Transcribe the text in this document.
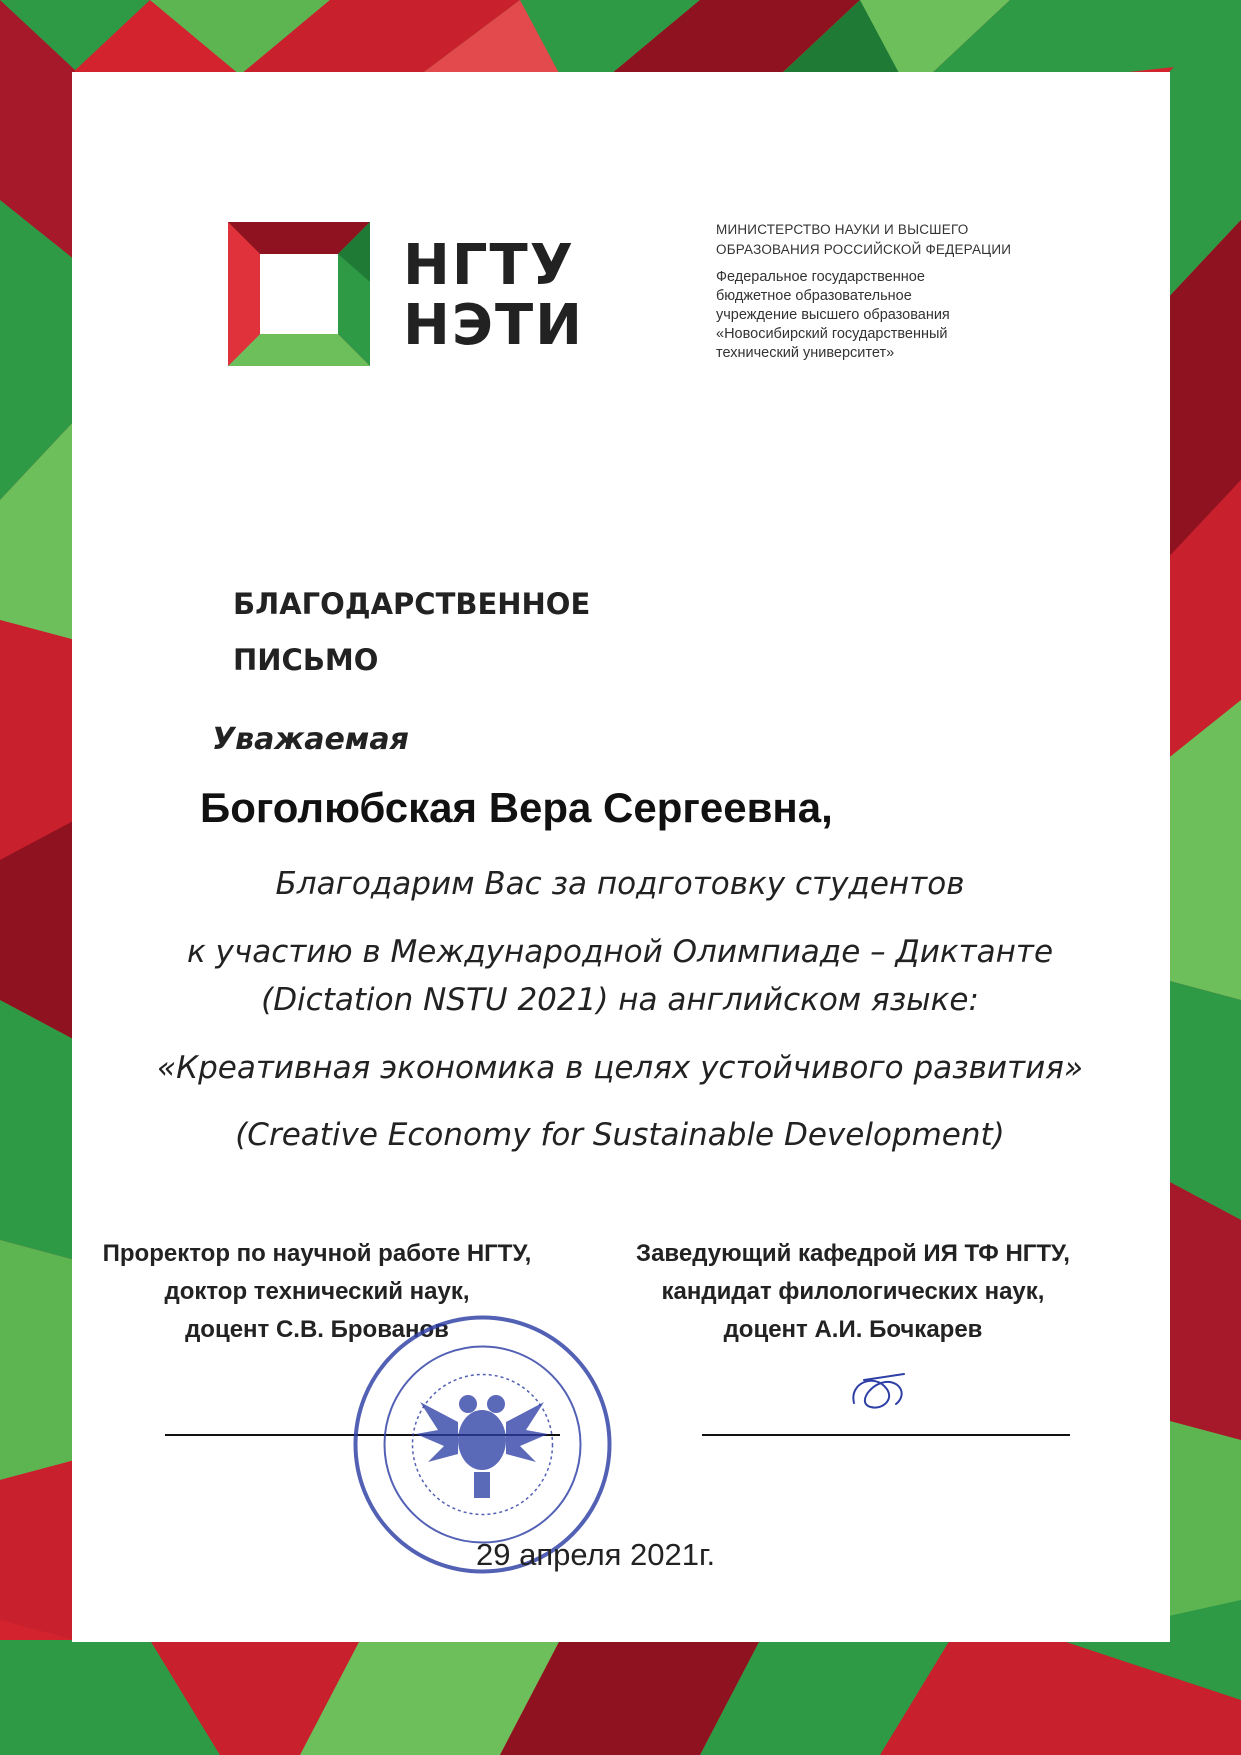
НГТУ
НЭТИ
МИНИСТЕРСТВО НАУКИ И ВЫСШЕГО
ОБРАЗОВАНИЯ РОССИЙСКОЙ ФЕДЕРАЦИИ
Федеральное государственное
бюджетное образовательное
учреждение высшего образования
«Новосибирский государственный
технический университет»
БЛАГОДАРСТВЕННОЕ
ПИСЬМО
Уважаемая
Боголюбская Вера Сергеевна,
Благодарим Вас за подготовку студентов
к участию в Международной Олимпиаде – Диктанте
(Dictation NSTU 2021) на английском языке:
«Креативная экономика в целях устойчивого развития»
(Creative Economy for Sustainable Development)
Проректор по научной работе НГТУ,
доктор технический наук,
доцент С.В. Брованов
Заведующий кафедрой ИЯ ТФ НГТУ,
кандидат филологических наук,
доцент А.И. Бочкарев
29 апреля 2021г.
